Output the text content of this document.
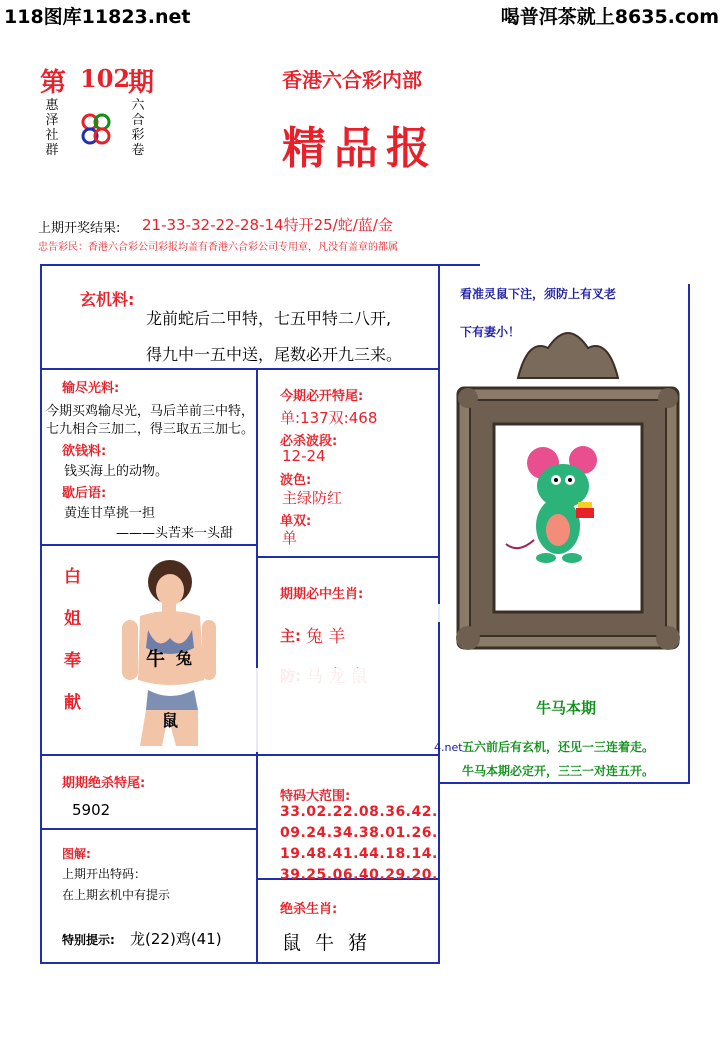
118图库11823.net	喝普洱茶就上8635.com
第 102
期
惠泽社群
六合彩卷
香港六合彩内部
精品报
上期开奖结果: 21-33-32-22-28-14特开25/蛇/蓝/金
忠告彩民：香港六合彩公司彩报均盖有香港六合彩公司专用章，凡没有盖章的都属
玄机料:
龙前蛇后二甲特，七五甲特二八开,
得九中一五中送，尾数必开九三来。
输尽光料:
今期买鸡输尽光，马后羊前三中特，
七九相合三加二，得三取五三加七。
欲钱料:
钱买海上的动物。
歇后语:
黄连甘草挑一担
———头苦来一头甜
今期必开特尾:
单:137双:468
必杀波段:
12-24
波色:
主绿防红
单双:
单
白
姐
奉
献
牛 兔
鼠
期期必中生肖:
主: 兔 羊
看准灵鼠下注，须防上有叉老
下有妻小！
牛马本期
4.net 五六前后有玄机，还见一三连着走。
牛马本期必定开，三三一对连五开。
期期绝杀特尾:
5902
特码大范围:
33.02.22.08.36.42.
09.24.34.38.01.26.
19.48.41.44.18.14.
39.25.06.40.29.20.
图解:
上期开出特码：
在上期玄机中有提示
特别提示: 龙(22)鸡(41)
绝杀生肖:
鼠 牛 猪
